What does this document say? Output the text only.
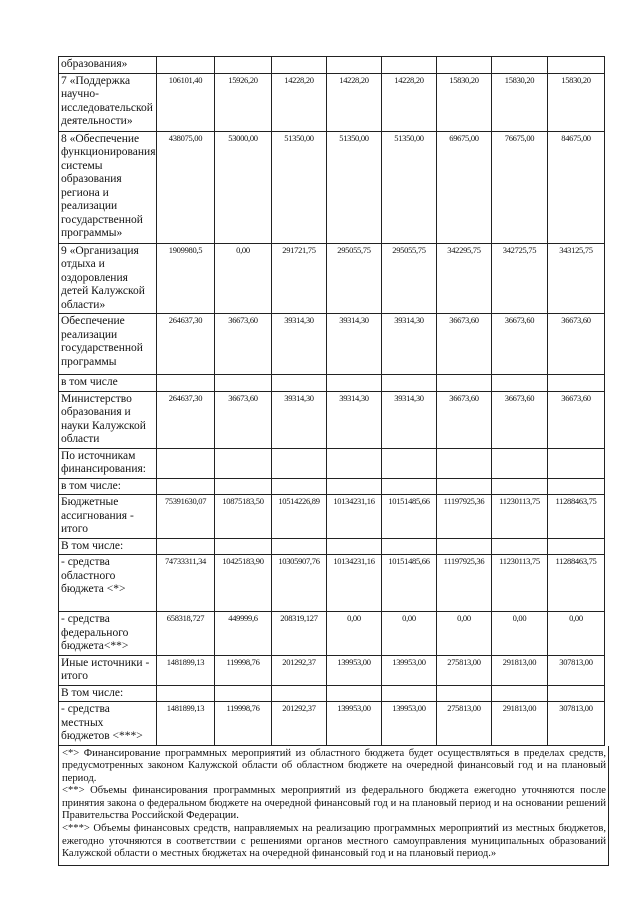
образования»								
7 «Поддержка научно-исследовательской деятельности»	106101,40	15926,20	14228,20	14228,20	14228,20	15830,20	15830,20	15830,20
8 «Обеспечение функционирования системы образования региона и реализации государственной программы»	438075,00	53000,00	51350,00	51350,00	51350,00	69675,00	76675,00	84675,00
9 «Организация отдыха и оздоровления детей Калужской области»	1909980,5	0,00	291721,75	295055,75	295055,75	342295,75	342725,75	343125,75
Обеспечение реализации государственной программы	264637,30	36673,60	39314,30	39314,30	39314,30	36673,60	36673,60	36673,60
в том числе								
Министерство образования и науки Калужской области	264637,30	36673,60	39314,30	39314,30	39314,30	36673,60	36673,60	36673,60
По источникам финансирования:								
в том числе:								
Бюджетные ассигнования - итого	75391630,07	10875183,50	10514226,89	10134231,16	10151485,66	11197925,36	11230113,75	11288463,75
В том числе:								
- средства областного бюджета <*>	74733311,34	10425183,90	10305907,76	10134231,16	10151485,66	11197925,36	11230113,75	11288463,75
- средства федерального бюджета<**>	658318,727	449999,6	208319,127	0,00	0,00	0,00	0,00	0,00
Иные источники - итого	1481899,13	119998,76	201292,37	139953,00	139953,00	275813,00	291813,00	307813,00
В том числе:								
- средства местных бюджетов <***>	1481899,13	119998,76	201292,37	139953,00	139953,00	275813,00	291813,00	307813,00

<*> Финансирование программных мероприятий из областного бюджета будет осуществляться в пределах средств, предусмотренных законом Калужской области об областном бюджете на очередной финансовый год и на плановый период.

<**> Объемы финансирования программных мероприятий из федерального бюджета ежегодно уточняются после принятия закона о федеральном бюджете на очередной финансовый год и на плановый период и на основании решений Правительства Российской Федерации.

<***> Объемы финансовых средств, направляемых на реализацию программных мероприятий из местных бюджетов, ежегодно уточняются в соответствии с решениями органов местного самоуправления муниципальных образований Калужской области о местных бюджетах на очередной финансовый год и на плановый период.»
